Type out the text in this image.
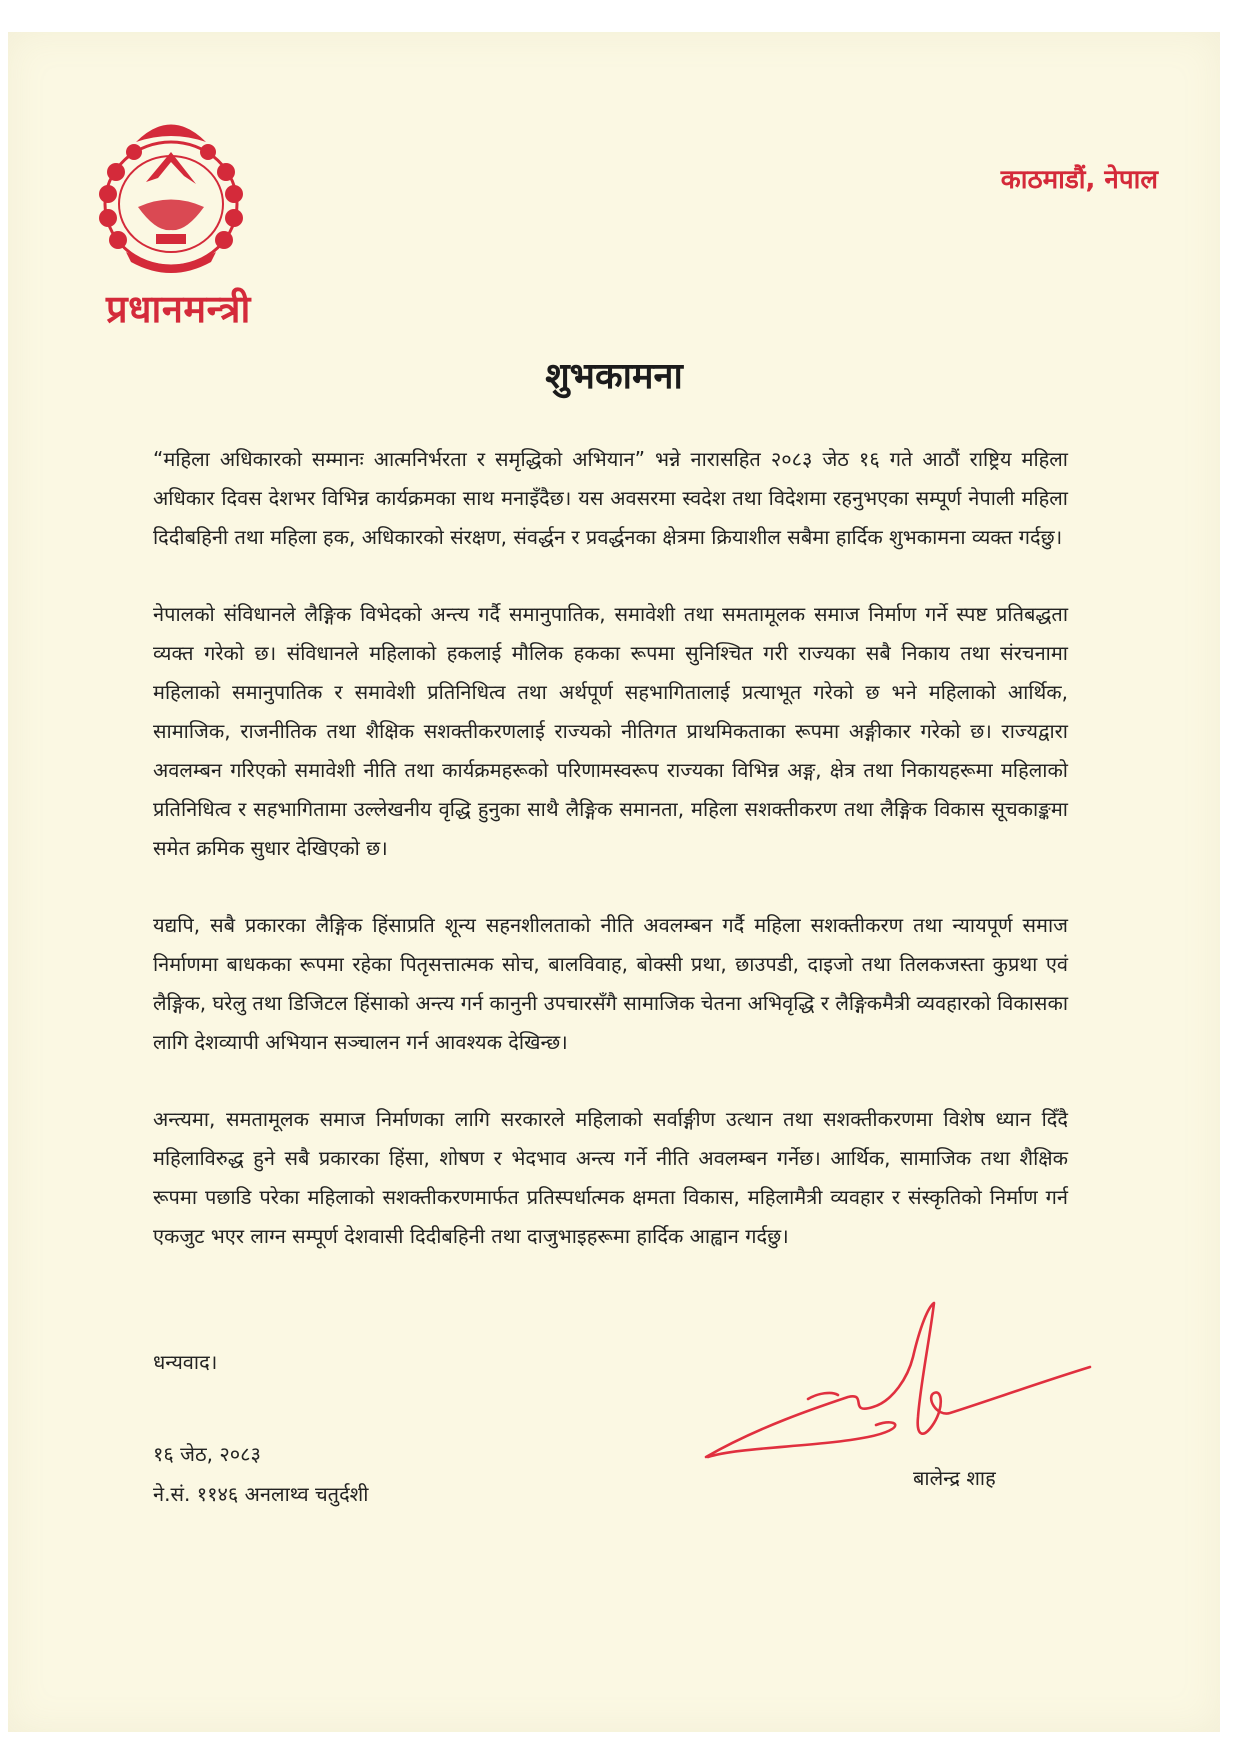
प्रधानमन्त्री
काठमाडौं, नेपाल
शुभकामना

“महिला अधिकारको सम्मानः आत्मनिर्भरता र समृद्धिको अभियान” भन्ने नारासहित २०८३ जेठ १६ गते आठौं राष्ट्रिय महिला अधिकार दिवस देशभर विभिन्न कार्यक्रमका साथ मनाइँदैछ। यस अवसरमा स्वदेश तथा विदेशमा रहनुभएका सम्पूर्ण नेपाली महिला दिदीबहिनी तथा महिला हक, अधिकारको संरक्षण, संवर्द्धन र प्रवर्द्धनका क्षेत्रमा क्रियाशील सबैमा हार्दिक शुभकामना व्यक्त गर्दछु।

नेपालको संविधानले लैङ्गिक विभेदको अन्त्य गर्दै समानुपातिक, समावेशी तथा समतामूलक समाज निर्माण गर्ने स्पष्ट प्रतिबद्धता व्यक्त गरेको छ। संविधानले महिलाको हकलाई मौलिक हकका रूपमा सुनिश्चित गरी राज्यका सबै निकाय तथा संरचनामा महिलाको समानुपातिक र समावेशी प्रतिनिधित्व तथा अर्थपूर्ण सहभागितालाई प्रत्याभूत गरेको छ भने महिलाको आर्थिक, सामाजिक, राजनीतिक तथा शैक्षिक सशक्तीकरणलाई राज्यको नीतिगत प्राथमिकताका रूपमा अङ्गीकार गरेको छ। राज्यद्वारा अवलम्बन गरिएको समावेशी नीति तथा कार्यक्रमहरूको परिणामस्वरूप राज्यका विभिन्न अङ्ग, क्षेत्र तथा निकायहरूमा महिलाको प्रतिनिधित्व र सहभागितामा उल्लेखनीय वृद्धि हुनुका साथै लैङ्गिक समानता, महिला सशक्तीकरण तथा लैङ्गिक विकास सूचकाङ्कमा समेत क्रमिक सुधार देखिएको छ।

यद्यपि, सबै प्रकारका लैङ्गिक हिंसाप्रति शून्य सहनशीलताको नीति अवलम्बन गर्दै महिला सशक्तीकरण तथा न्यायपूर्ण समाज निर्माणमा बाधकका रूपमा रहेका पितृसत्तात्मक सोच, बालविवाह, बोक्सी प्रथा, छाउपडी, दाइजो तथा तिलकजस्ता कुप्रथा एवं लैङ्गिक, घरेलु तथा डिजिटल हिंसाको अन्त्य गर्न कानुनी उपचारसँगै सामाजिक चेतना अभिवृद्धि र लैङ्गिकमैत्री व्यवहारको विकासका लागि देशव्यापी अभियान सञ्चालन गर्न आवश्यक देखिन्छ।

अन्त्यमा, समतामूलक समाज निर्माणका लागि सरकारले महिलाको सर्वाङ्गीण उत्थान तथा सशक्तीकरणमा विशेष ध्यान दिँदै महिलाविरुद्ध हुने सबै प्रकारका हिंसा, शोषण र भेदभाव अन्त्य गर्ने नीति अवलम्बन गर्नेछ। आर्थिक, सामाजिक तथा शैक्षिक रूपमा पछाडि परेका महिलाको सशक्तीकरणमार्फत प्रतिस्पर्धात्मक क्षमता विकास, महिलामैत्री व्यवहार र संस्कृतिको निर्माण गर्न एकजुट भएर लाग्न सम्पूर्ण देशवासी दिदीबहिनी तथा दाजुभाइहरूमा हार्दिक आह्वान गर्दछु।

धन्यवाद।
१६ जेठ, २०८३
ने.सं. ११४६ अनलाथ्व चतुर्दशी
बालेन्द्र शाह
